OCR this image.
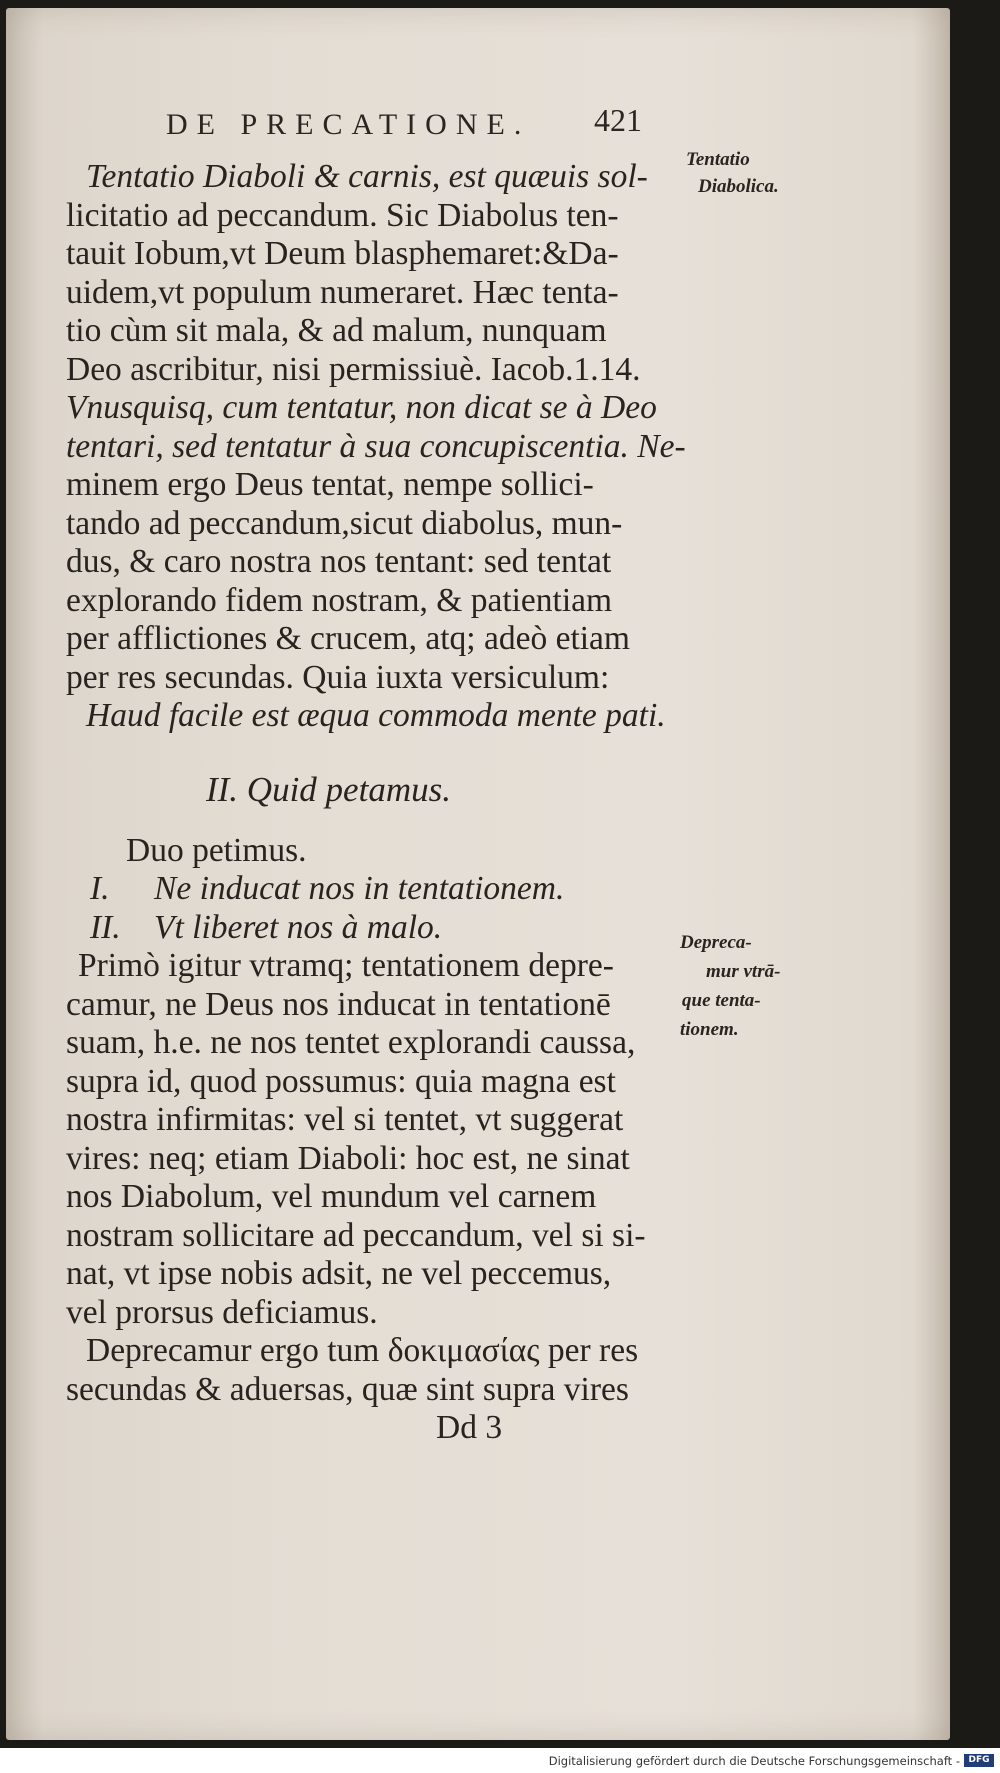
DE PRECATIONE. 421
Tentatio Diaboli & carnis, est quæuis sol-
licitatio ad peccandum. Sic Diabolus ten-
tauit Iobum,vt Deum blasphemaret:&Da-
uidem,vt populum numeraret. Hæc tenta-
tio cùm sit mala, & ad malum, nunquam
Deo ascribitur, nisi permissiuè. Iacob.1.14.
Vnusquisq, cum tentatur, non dicat se à Deo
tentari, sed tentatur à sua concupiscentia. Ne-
minem ergo Deus tentat, nempe sollici-
tando ad peccandum,sicut diabolus, mun-
dus, & caro nostra nos tentant: sed tentat
explorando fidem nostram, & patientiam
per afflictiones & crucem, atq; adeò etiam
per res secundas. Quia iuxta versiculum:
Haud facile est æqua commoda mente pati.
II. Quid petamus.
Duo petimus.
I. Ne inducat nos in tentationem.
II. Vt liberet nos à malo.
Primò igitur vtramq; tentationem depre-
camur, ne Deus nos inducat in tentationē
suam, h.e. ne nos tentet explorandi caussa,
supra id, quod possumus: quia magna est
nostra infirmitas: vel si tentet, vt suggerat
vires: neq; etiam Diaboli: hoc est, ne sinat
nos Diabolum, vel mundum vel carnem
nostram sollicitare ad peccandum, vel si si-
nat, vt ipse nobis adsit, ne vel peccemus,
vel prorsus deficiamus.
Deprecamur ergo tum δοκιμασίας per res
secundas & aduersas, quæ sint supra vires
Dd 3
Tentatio
Diabolica.
Depreca-
mur vtrā-
que tenta-
tionem.
Digitalisierung gefördert durch die Deutsche Forschungsgemeinschaft - DFG
